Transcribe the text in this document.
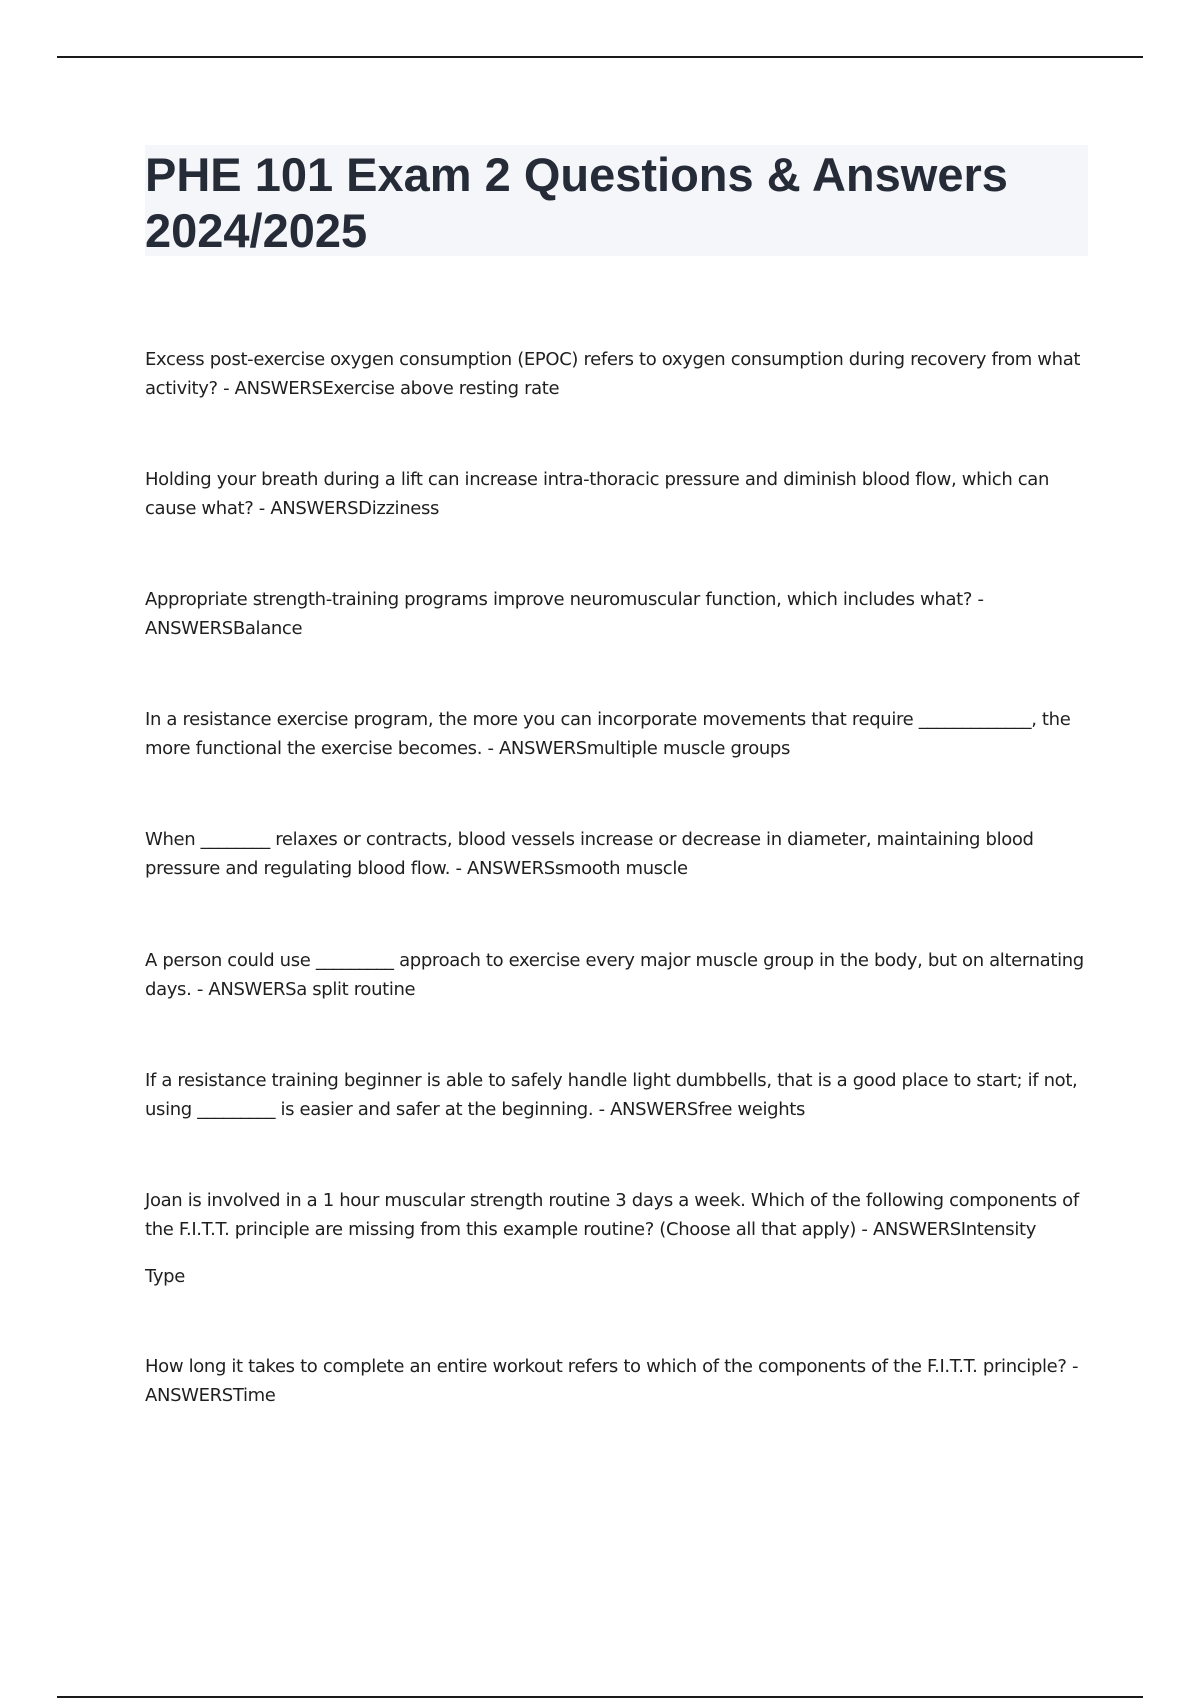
PHE 101 Exam 2 Questions & Answers
2024/2025

Excess post-exercise oxygen consumption (EPOC) refers to oxygen consumption during recovery from what activity? - ANSWERSExercise above resting rate

Holding your breath during a lift can increase intra-thoracic pressure and diminish blood flow, which can cause what? - ANSWERSDizziness

Appropriate strength-training programs improve neuromuscular function, which includes what? - ANSWERSBalance

In a resistance exercise program, the more you can incorporate movements that require _____________, the more functional the exercise becomes. - ANSWERSmultiple muscle groups

When ________ relaxes or contracts, blood vessels increase or decrease in diameter, maintaining blood pressure and regulating blood flow. - ANSWERSsmooth muscle

A person could use _________ approach to exercise every major muscle group in the body, but on alternating days. - ANSWERSa split routine

If a resistance training beginner is able to safely handle light dumbbells, that is a good place to start; if not, using _________ is easier and safer at the beginning. - ANSWERSfree weights

Joan is involved in a 1 hour muscular strength routine 3 days a week. Which of the following components of the F.I.T.T. principle are missing from this example routine? (Choose all that apply) - ANSWERSIntensity

Type

How long it takes to complete an entire workout refers to which of the components of the F.I.T.T. principle? - ANSWERSTime
